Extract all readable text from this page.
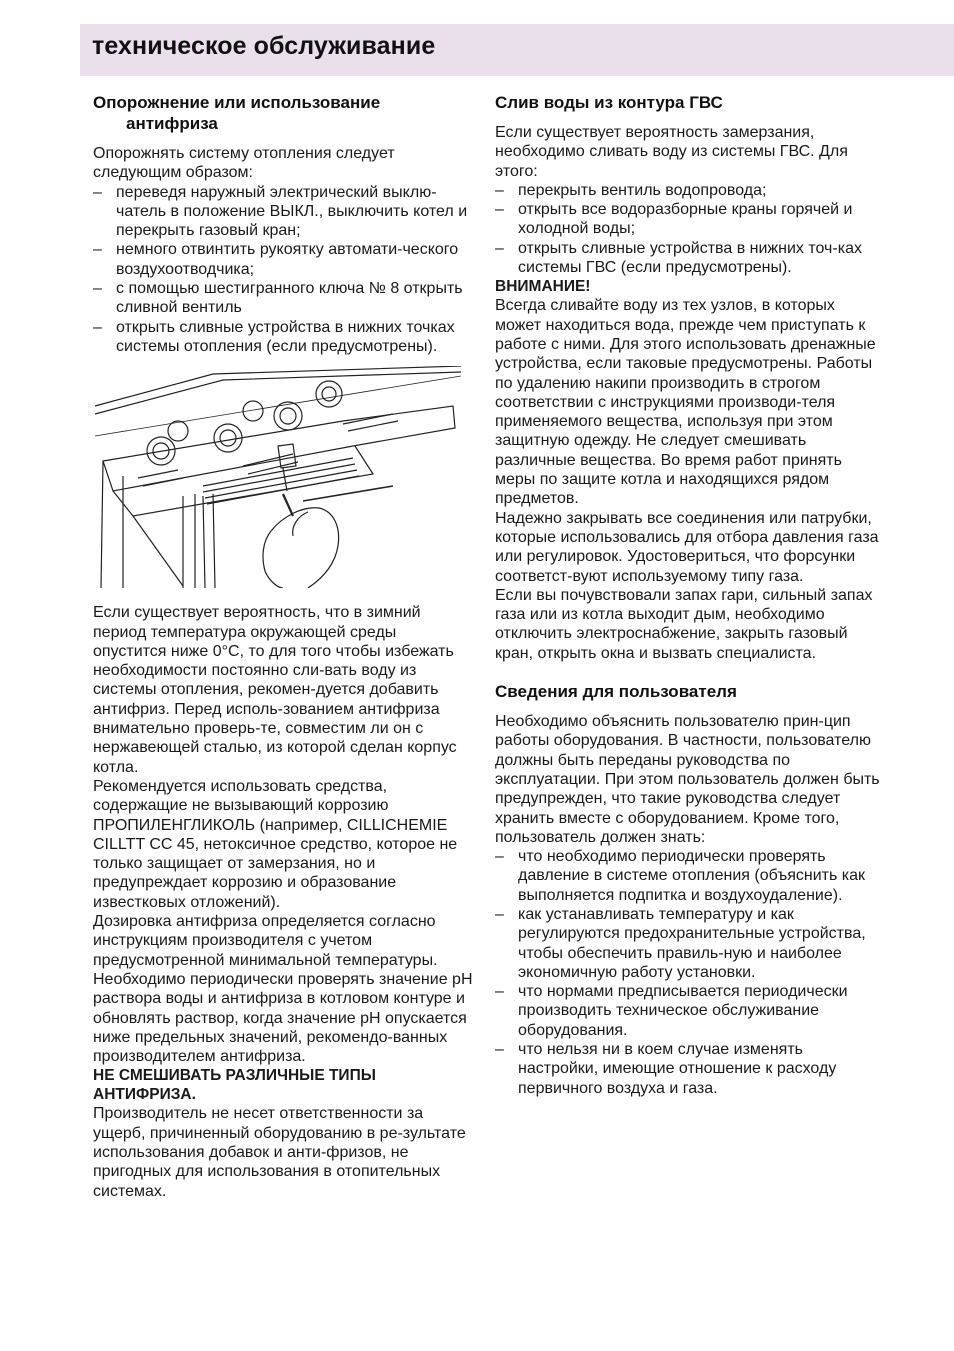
техническое обслуживание
Опорожнение или использование
антифриза

Опорожнять систему отопления следует следующим образом:

– переведя наружный электрический выклю-чатель в положение ВЫКЛ., выключить котел и перекрыть газовый кран;
– немного отвинтить рукоятку автомати-ческого воздухоотводчика;
– с помощью шестигранного ключа № 8 открыть сливной вентиль
– открыть сливные устройства в нижних точках системы отопления (если предусмотрены).

Если существует вероятность, что в зимний период температура окружающей среды опустится ниже 0°С, то для того чтобы избежать необходимости постоянно сли-вать воду из системы отопления, рекомен-дуется добавить антифриз. Перед исполь-зованием антифриза внимательно проверь-те, совместим ли он с нержавеющей сталью, из которой сделан корпус котла.

Рекомендуется использовать средства, содержащие не вызывающий коррозию ПРОПИЛЕНГЛИКОЛЬ (например, CILLICHEMIE CILLTT CC 45, нетоксичное средство, которое не только защищает от замерзания, но и предупреждает коррозию и образование известковых отложений).

Дозировка антифриза определяется согласно инструкциям производителя с учетом предусмотренной минимальной температуры. Необходимо периодически проверять значение рН раствора воды и антифриза в котловом контуре и обновлять раствор, когда значение рН опускается ниже предельных значений, рекомендо-ванных производителем антифриза.

НЕ СМЕШИВАТЬ РАЗЛИЧНЫЕ ТИПЫ АНТИФРИЗА.

Производитель не несет ответственности за ущерб, причиненный оборудованию в ре-зультате использования добавок и анти-фризов, не пригодных для использования в отопительных системах.

Слив воды из контура ГВС

Если существует вероятность замерзания, необходимо сливать воду из системы ГВС. Для этого:

– перекрыть вентиль водопровода;
– открыть все водоразборные краны горячей и холодной воды;
– открыть сливные устройства в нижних точ-ках системы ГВС (если предусмотрены).

ВНИМАНИЕ!

Всегда сливайте воду из тех узлов, в которых может находиться вода, прежде чем приступать к работе с ними. Для этого использовать дренажные устройства, если таковые предусмотрены. Работы по удалению накипи производить в строгом соответствии с инструкциями производи-теля применяемого вещества, используя при этом защитную одежду. Не следует смешивать различные вещества. Во время работ принять меры по защите котла и находящихся рядом предметов.

Надежно закрывать все соединения или патрубки, которые использовались для отбора давления газа или регулировок. Удостовериться, что форсунки соответст-вуют используемому типу газа.

Если вы почувствовали запах гари, сильный запах газа или из котла выходит дым, необходимо отключить электроснабжение, закрыть газовый кран, открыть окна и вызвать специалиста.

Сведения для пользователя

Необходимо объяснить пользователю прин-цип работы оборудования. В частности, пользователю должны быть переданы руководства по эксплуатации. При этом пользователь должен быть предупрежден, что такие руководства следует хранить вместе с оборудованием. Кроме того, пользователь должен знать:

– что необходимо периодически проверять давление в системе отопления (объяснить как выполняется подпитка и воздухоудаление).
– как устанавливать температуру и как регулируются предохранительные устройства, чтобы обеспечить правиль-ную и наиболее экономичную работу установки.
– что нормами предписывается периодически производить техническое обслуживание оборудования.
– что нельзя ни в коем случае изменять настройки, имеющие отношение к расходу первичного воздуха и газа.
